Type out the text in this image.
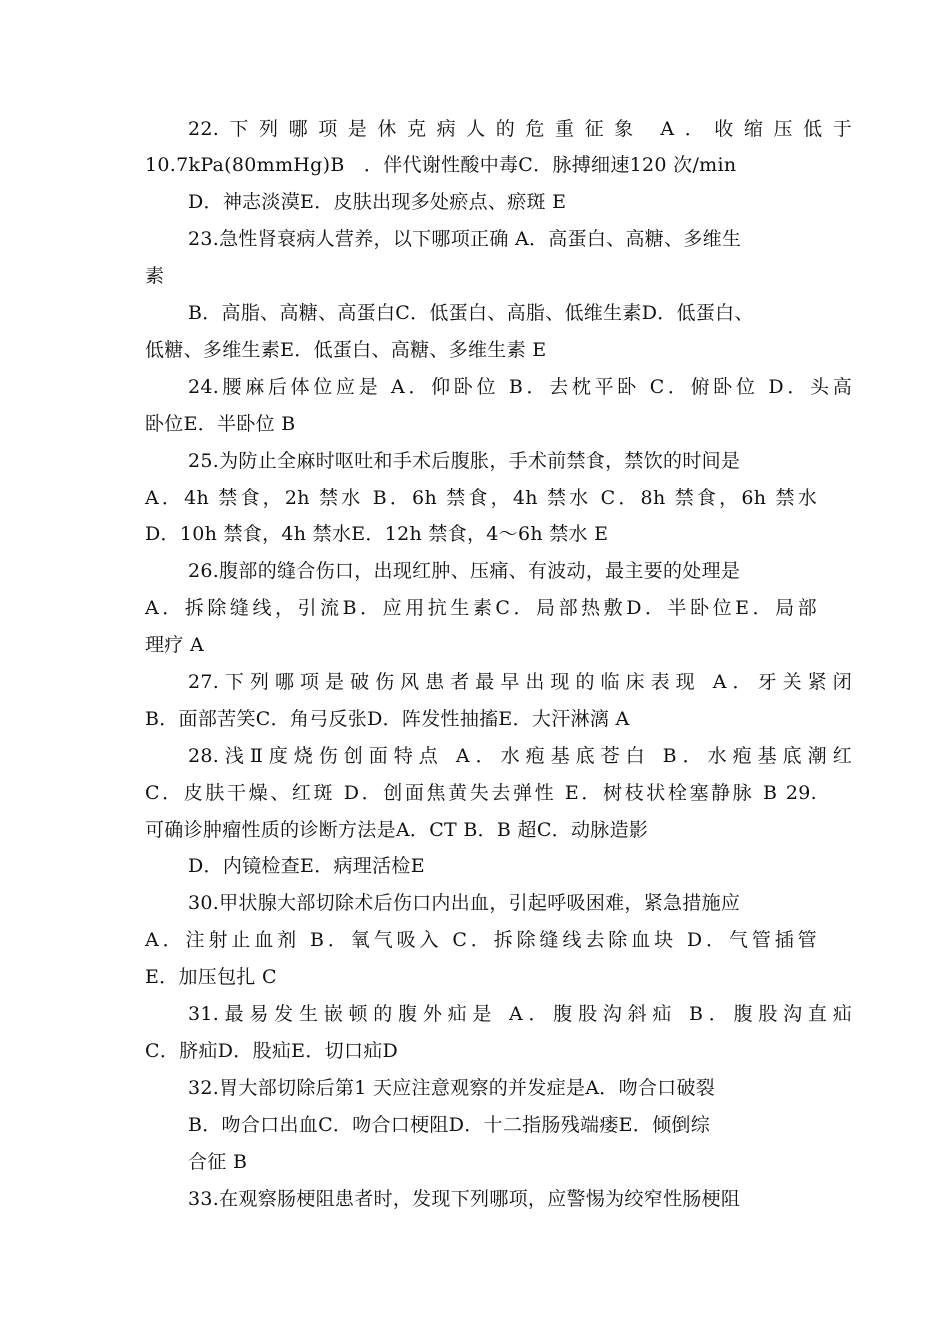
22.下列哪项是休克病人的危重征象 A．收缩压低于
10.7kPa(80mmHg)B　．伴代谢性酸中毒C．脉搏细速120 次/min
D．神志淡漠E．皮肤出现多处瘀点、瘀斑 E
23.急性肾衰病人营养，以下哪项正确 A．高蛋白、高糖、多维生
素
B．高脂、高糖、高蛋白C．低蛋白、高脂、低维生素D．低蛋白、
低糖、多维生素E．低蛋白、高糖、多维生素 E
24.腰麻后体位应是 A．仰卧位 B．去枕平卧 C．俯卧位 D．头高
卧位E．半卧位 B
25.为防止全麻时呕吐和手术后腹胀，手术前禁食，禁饮的时间是
A．4h 禁食，2h 禁水 B．6h 禁食，4h 禁水 C．8h 禁食，6h 禁水
D．10h 禁食，4h 禁水E．12h 禁食，4～6h 禁水 E
26.腹部的缝合伤口，出现红肿、压痛、有波动，最主要的处理是
A．拆除缝线，引流B．应用抗生素C．局部热敷D．半卧位E．局部
理疗 A
27.下列哪项是破伤风患者最早出现的临床表现 A．牙关紧闭
B．面部苦笑C．角弓反张D．阵发性抽搐E．大汗淋漓 A
28.浅Ⅱ度烧伤创面特点 A．水疱基底苍白 B．水疱基底潮红
C．皮肤干燥、红斑 D．创面焦黄失去弹性 E．树枝状栓塞静脉 B 29.
可确诊肿瘤性质的诊断方法是A．CT B．B 超C．动脉造影
D．内镜检查E．病理活检E
30.甲状腺大部切除术后伤口内出血，引起呼吸困难，紧急措施应
A．注射止血剂 B．氧气吸入 C．拆除缝线去除血块 D．气管插管
E．加压包扎 C
31.最易发生嵌顿的腹外疝是 A．腹股沟斜疝 B．腹股沟直疝
C．脐疝D．股疝E．切口疝D
32.胃大部切除后第1 天应注意观察的并发症是A．吻合口破裂
B．吻合口出血C．吻合口梗阻D．十二指肠残端瘘E．倾倒综
合征 B
33.在观察肠梗阻患者时，发现下列哪项，应警惕为绞窄性肠梗阻
